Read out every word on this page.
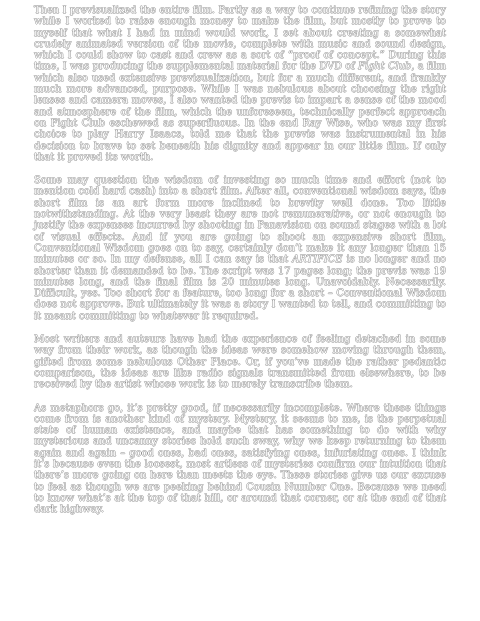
Then I previsualized the entire film. Partly as a way to continue refining the story while I worked to raise enough money to make the film, but mostly to prove to myself that what I had in mind would work, I set about creating a somewhat crudely animated version of the movie, complete with music and sound design, which I could show to cast and crew as a sort of “proof of concept.” During this time, I was producing the supplemental material for the DVD of Fight Club, a film which also used extensive previsualization, but for a much different, and frankly much more advanced, purpose. While I was nebulous about choosing the right lenses and camera moves, I also wanted the previs to impart a sense of the mood and atmosphere of the film, which the unforeseen, technically perfect approach on Fight Club eschewed as superfluous. In the end Ray Wise, who was my first choice to play Harry Isaacs, told me that the previs was instrumental in his decision to brave to set beneath his dignity and appear in our little film. If only that it proved its worth.

Some may question the wisdom of investing so much time and effort (not to mention cold hard cash) into a short film. After all, conventional wisdom says, the short film is an art form more inclined to brevity well done. Too little notwithstanding. At the very least they are not remunerative, or not enough to justify the expenses incurred by shooting in Panavision on sound stages with a lot of visual effects. And if you are going to shoot an expensive short film, Conventional Wisdom goes on to say, certainly don’t make it any longer than 15 minutes or so. In my defense, all I can say is that ARTIFICE is no longer and no shorter than it demanded to be. The script was 17 pages long; the previs was 19 minutes long, and the final film is 20 minutes long. Unavoidably. Necessarily. Difficult, yes. Too short for a feature, too long for a short – Conventional Wisdom does not approve. But ultimately it was a story I wanted to tell, and committing to it meant committing to whatever it required.

Most writers and auteurs have had the experience of feeling detached in some way from their work, as though the ideas were somehow moving through them, gifted from some nebulous Other Place. Or, if you’ve made the rather pedantic comparison, the ideas are like radio signals transmitted from elsewhere, to be received by the artist whose work is to merely transcribe them.

As metaphors go, it’s pretty good, if necessarily incomplete. Where these things come from is another kind of mystery. Mystery, it seems to me, is the perpetual state of human existence, and maybe that has something to do with why mysterious and uncanny stories hold such sway, why we keep returning to them again and again – good ones, bad ones, satisfying ones, infuriating ones. I think it’s because even the loosest, most artless of mysteries confirm our intuition that there’s more going on here than meets the eye. These stories give us our excuse to feel as though we are peeking behind Cousin Number One. Because we need to know what’s at the top of that hill, or around that corner, or at the end of that dark highway.
